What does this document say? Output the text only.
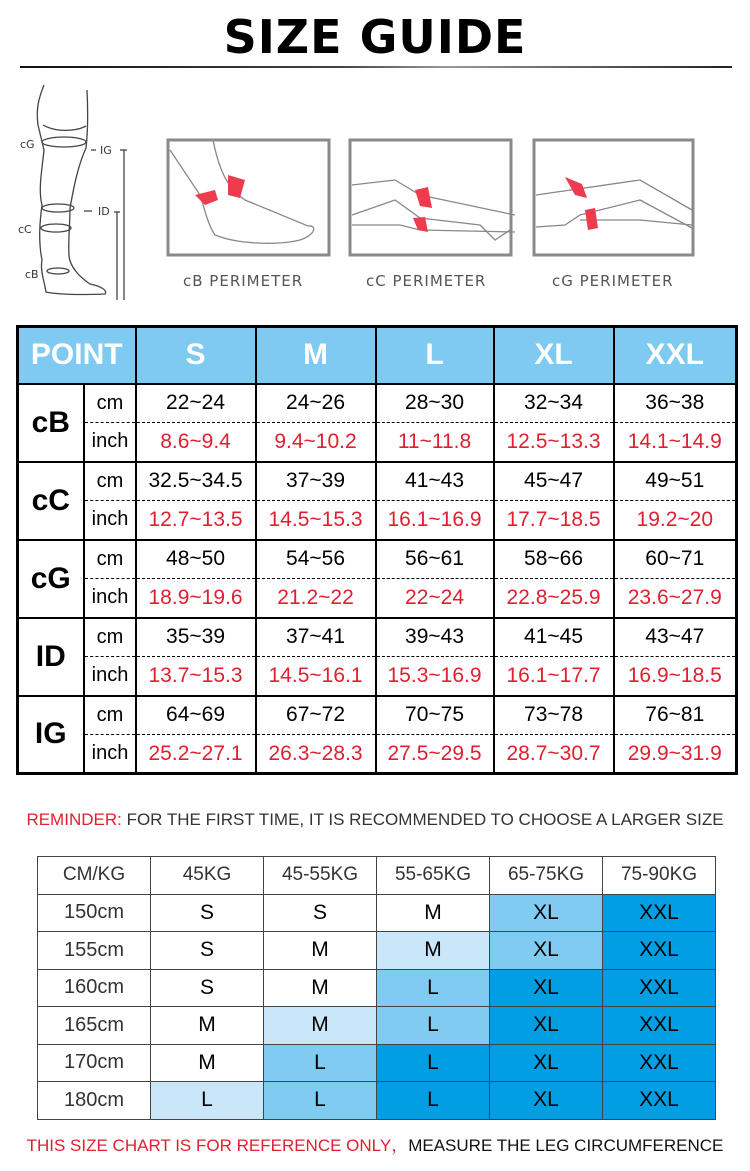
SIZE GUIDE
cG
cC
cB
IG
ID
cB PERIMETER	cC PERIMETER	cG PERIMETER
POINT		S	M	L	XL	XXL
cB	cm	22~24	24~26	28~30	32~34	36~38
	inch	8.6~9.4	9.4~10.2	11~11.8	12.5~13.3	14.1~14.9
cC	cm	32.5~34.5	37~39	41~43	45~47	49~51
	inch	12.7~13.5	14.5~15.3	16.1~16.9	17.7~18.5	19.2~20
cG	cm	48~50	54~56	56~61	58~66	60~71
	inch	18.9~19.6	21.2~22	22~24	22.8~25.9	23.6~27.9
ID	cm	35~39	37~41	39~43	41~45	43~47
	inch	13.7~15.3	14.5~16.1	15.3~16.9	16.1~17.7	16.9~18.5
IG	cm	64~69	67~72	70~75	73~78	76~81
	inch	25.2~27.1	26.3~28.3	27.5~29.5	28.7~30.7	29.9~31.9
REMINDER: FOR THE FIRST TIME, IT IS RECOMMENDED TO CHOOSE A LARGER SIZE
CM/KG	45KG	45-55KG	55-65KG	65-75KG	75-90KG
150cm	S	S	M	XL	XXL
155cm	S	M	M	XL	XXL
160cm	S	M	L	XL	XXL
165cm	M	M	L	XL	XXL
170cm	M	L	L	XL	XXL
180cm	L	L	L	XL	XXL
THIS SIZE CHART IS FOR REFERENCE ONLY，MEASURE THE LEG CIRCUMFERENCE
